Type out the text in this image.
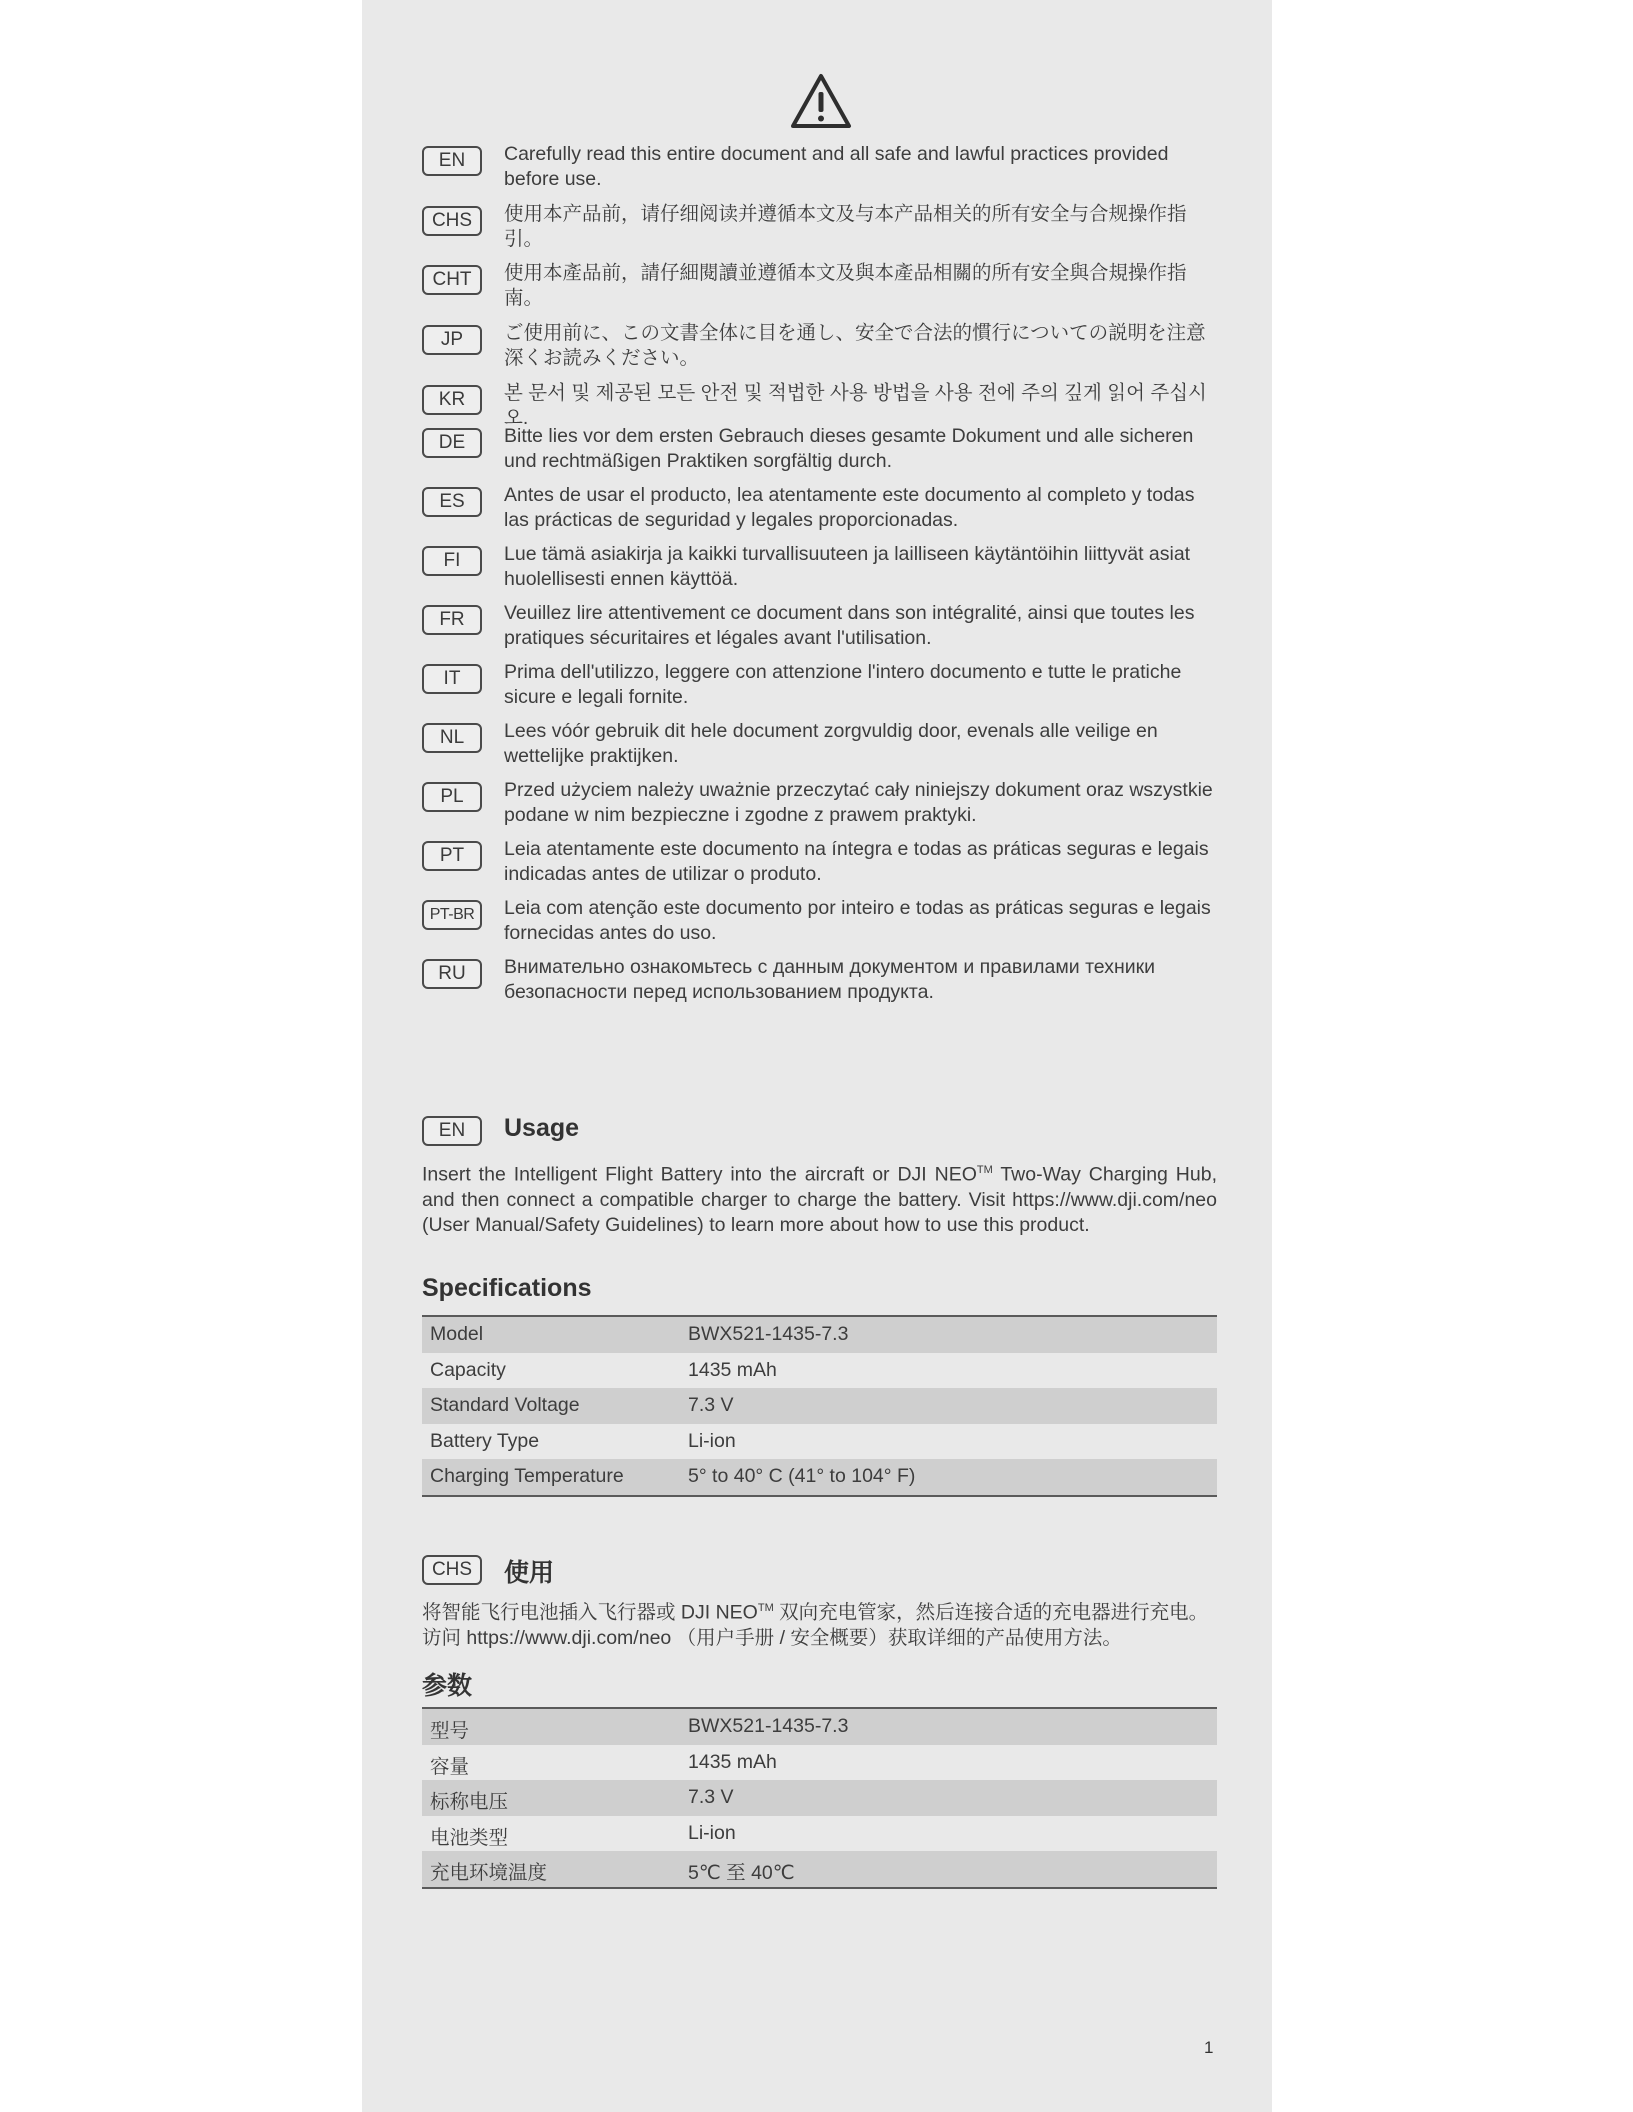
EN	Carefully read this entire document and all safe and lawful practices provided before use.
CHS	使用本产品前，请仔细阅读并遵循本文及与本产品相关的所有安全与合规操作指引。
CHT	使用本產品前，請仔細閱讀並遵循本文及與本產品相關的所有安全與合規操作指南。
JP	ご使用前に、この文書全体に目を通し、安全で合法的慣行についての説明を注意深くお読みください。
KR	본 문서 및 제공된 모든 안전 및 적법한 사용 방법을 사용 전에 주의 깊게 읽어 주십시오.
DE	Bitte lies vor dem ersten Gebrauch dieses gesamte Dokument und alle sicheren und rechtmäßigen Praktiken sorgfältig durch.
ES	Antes de usar el producto, lea atentamente este documento al completo y todas las prácticas de seguridad y legales proporcionadas.
FI	Lue tämä asiakirja ja kaikki turvallisuuteen ja lailliseen käytäntöihin liittyvät asiat huolellisesti ennen käyttöä.
FR	Veuillez lire attentivement ce document dans son intégralité, ainsi que toutes les pratiques sécuritaires et légales avant l'utilisation.
IT	Prima dell'utilizzo, leggere con attenzione l'intero documento e tutte le pratiche sicure e legali fornite.
NL	Lees vóór gebruik dit hele document zorgvuldig door, evenals alle veilige en wettelijke praktijken.
PL	Przed użyciem należy uważnie przeczytać cały niniejszy dokument oraz wszystkie podane w nim bezpieczne i zgodne z prawem praktyki.
PT	Leia atentamente este documento na íntegra e todas as práticas seguras e legais indicadas antes de utilizar o produto.
PT-BR	Leia com atenção este documento por inteiro e todas as práticas seguras e legais fornecidas antes do uso.
RU	Внимательно ознакомьтесь с данным документом и правилами техники безопасности перед использованием продукта.
EN	Usage
Insert the Intelligent Flight Battery into the aircraft or DJI NEO™ Two-Way Charging Hub, and then connect a compatible charger to charge the battery. Visit https://www.dji.com/neo (User Manual/Safety Guidelines) to learn more about how to use this product.
Specifications
Model	BWX521-1435-7.3
Capacity	1435 mAh
Standard Voltage	7.3 V
Battery Type	Li-ion
Charging Temperature	5° to 40° C (41° to 104° F)
CHS	使用
将智能飞行电池插入飞行器或 DJI NEO™ 双向充电管家，然后连接合适的充电器进行充电。访问 https://www.dji.com/neo （用户手册 / 安全概要）获取详细的产品使用方法。
参数
型号	BWX521-1435-7.3
容量	1435 mAh
标称电压	7.3 V
电池类型	Li-ion
充电环境温度	5℃ 至 40℃
1
